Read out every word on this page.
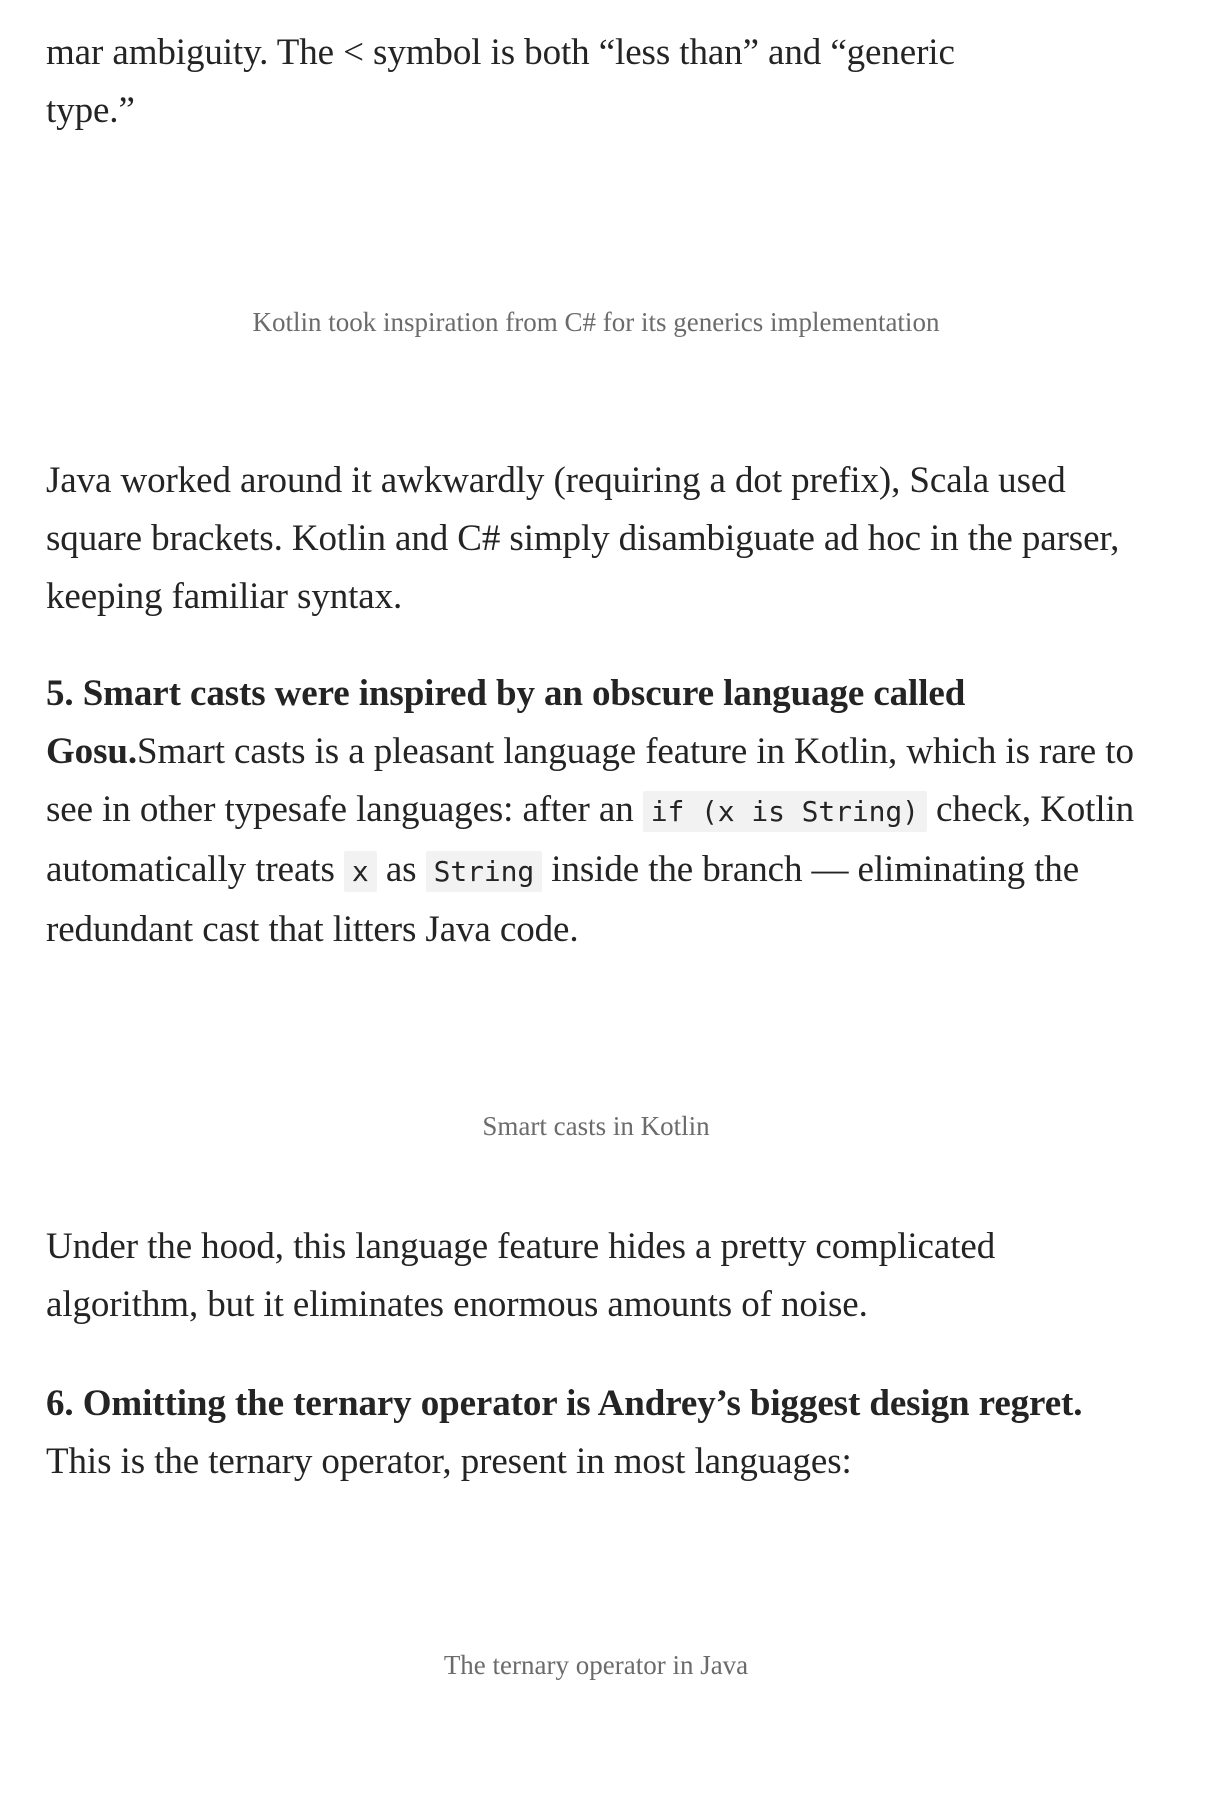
mar ambiguity. The < symbol is both “less than” and “generic type.”

Kotlin took inspiration from C# for its generics implementation

Java worked around it awkwardly (requiring a dot prefix), Scala used square brackets. Kotlin and C# simply disambiguate ad hoc in the parser, keeping familiar syntax.

5. Smart casts were inspired by an obscure language called Gosu.Smart casts is a pleasant language feature in Kotlin, which is rare to see in other typesafe languages: after an if (x is String) check, Kotlin automatically treats x as String inside the branch — eliminating the redundant cast that litters Java code.

Smart casts in Kotlin

Under the hood, this language feature hides a pretty complicated algorithm, but it eliminates enormous amounts of noise.

6. Omitting the ternary operator is Andrey’s biggest design regret. This is the ternary operator, present in most languages:

The ternary operator in Java
